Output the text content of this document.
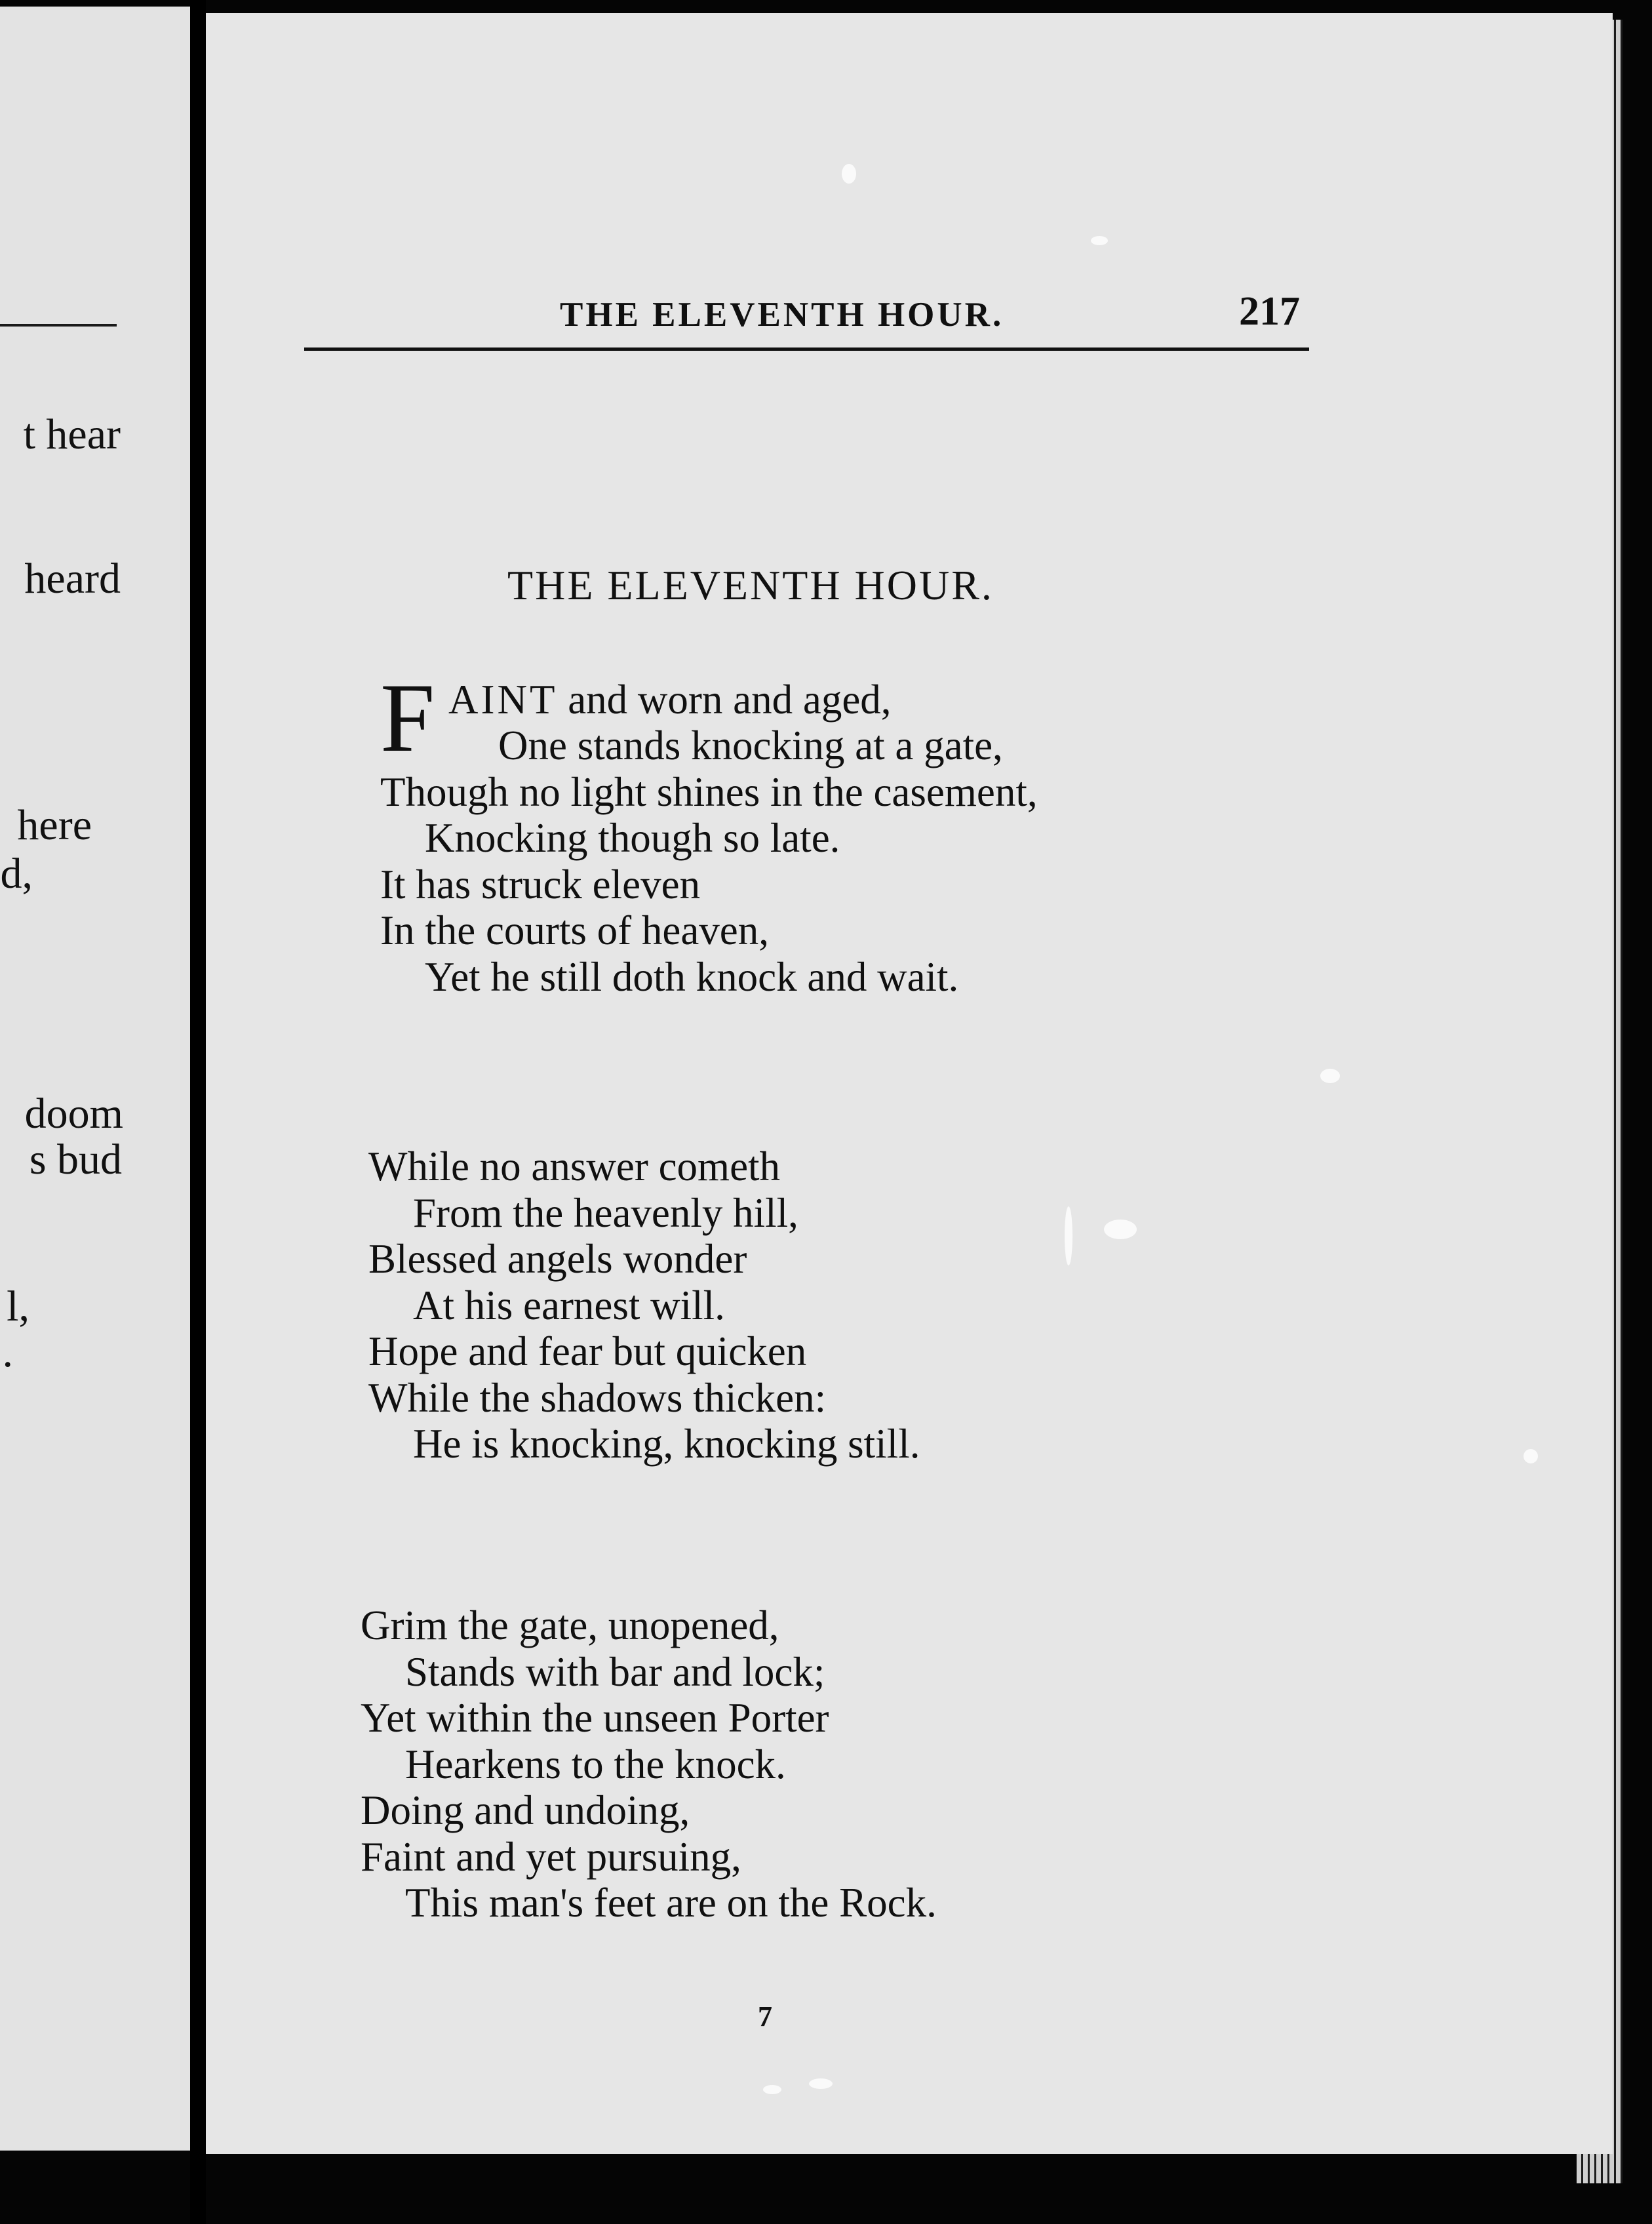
t hear
heard
here
d,
doom
s bud
l,
.
THE ELEVENTH HOUR.	217
THE ELEVENTH HOUR.
F AINT and worn and aged,
One stands knocking at a gate,
Though no light shines in the casement,
Knocking though so late.
It has struck eleven
In the courts of heaven,
Yet he still doth knock and wait.
While no answer cometh
From the heavenly hill,
Blessed angels wonder
At his earnest will.
Hope and fear but quicken
While the shadows thicken:
He is knocking, knocking still.
Grim the gate, unopened,
Stands with bar and lock;
Yet within the unseen Porter
Hearkens to the knock.
Doing and undoing,
Faint and yet pursuing,
This man's feet are on the Rock.
7
